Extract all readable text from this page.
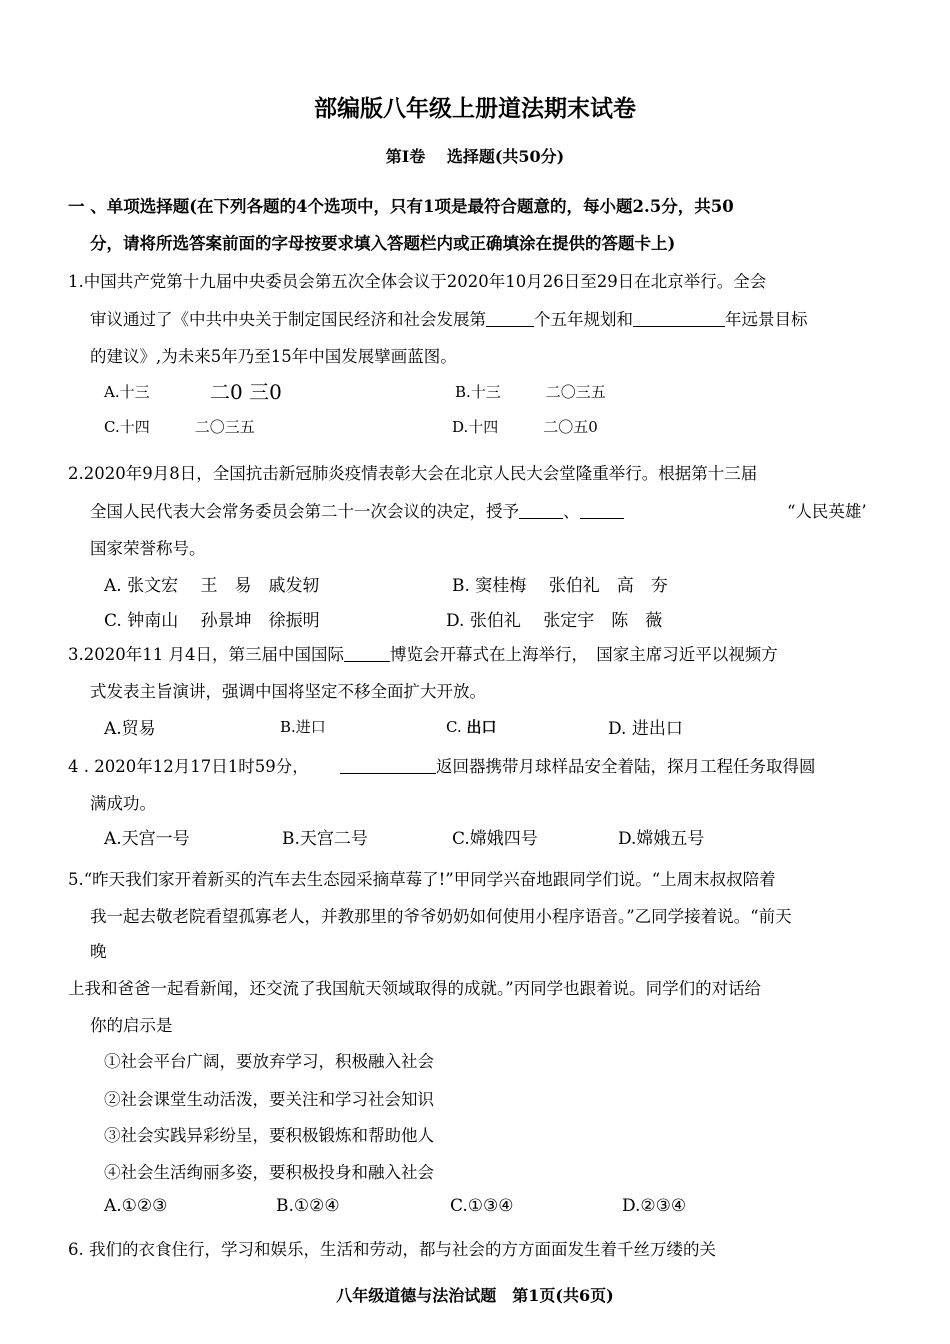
部编版八年级上册道法期末试卷
第Ⅰ卷　 选择题(共50分)
一 、单项选择题(在下列各题的4个选项中，只有1项是最符合题意的，每小题2.5分，共50
分，请将所选答案前面的字母按要求填入答题栏内或正确填涂在提供的答题卡上)
1.中国共产党第十九届中央委员会第五次全体会议于2020年10月26日至29日在北京举行。全会
审议通过了《中共中央关于制定国民经济和社会发展第	个五年规划和	年远景目标
的建议》,为未来5年乃至15年中国发展擘画蓝图。
A.十三	二0 三0	B.十三　　　二〇三五
C.十四　　　二〇三五	D.十四　　　二〇五0
2.2020年9月8日，全国抗击新冠肺炎疫情表彰大会在北京人民大会堂隆重举行。根据第十三届
全国人民代表大会常务委员会第二十一次会议的决定，授予	、	“人民英雄’
国家荣誉称号。
A. 张文宏　 王　易　戚发轫	B. 窦桂梅　 张伯礼　高　夯
C. 钟南山　 孙景坤　徐振明	D. 张伯礼　 张定宇　陈　薇
3.2020年11 月4日，第三届中国国际	博览会开幕式在上海举行，　国家主席习近平以视频方
式发表主旨演讲，强调中国将坚定不移全面扩大开放。
A.贸易	B.进口	C. 出口	D. 进出口
4 . 2020年12月17日1时59分，	返回器携带月球样品安全着陆，探月工程任务取得圆
满成功。
A.天宫一号	B.天宫二号	C.嫦娥四号	D.嫦娥五号
5.“昨天我们家开着新买的汽车去生态园采摘草莓了!”甲同学兴奋地跟同学们说。“上周末叔叔陪着
我一起去敬老院看望孤寡老人，并教那里的爷爷奶奶如何使用小程序语音。”乙同学接着说。“前天
晚
上我和爸爸一起看新闻，还交流了我国航天领域取得的成就。”丙同学也跟着说。同学们的对话给
你的启示是
①社会平台广阔，要放弃学习，积极融入社会
②社会课堂生动活泼，要关注和学习社会知识
③社会实践异彩纷呈，要积极锻炼和帮助他人
④社会生活绚丽多姿，要积极投身和融入社会
A.①②③	B.①②④	C.①③④	D.②③④
6. 我们的衣食住行，学习和娱乐，生活和劳动，都与社会的方方面面发生着千丝万缕的关
八年级道德与法治试题　第1页(共6页)
